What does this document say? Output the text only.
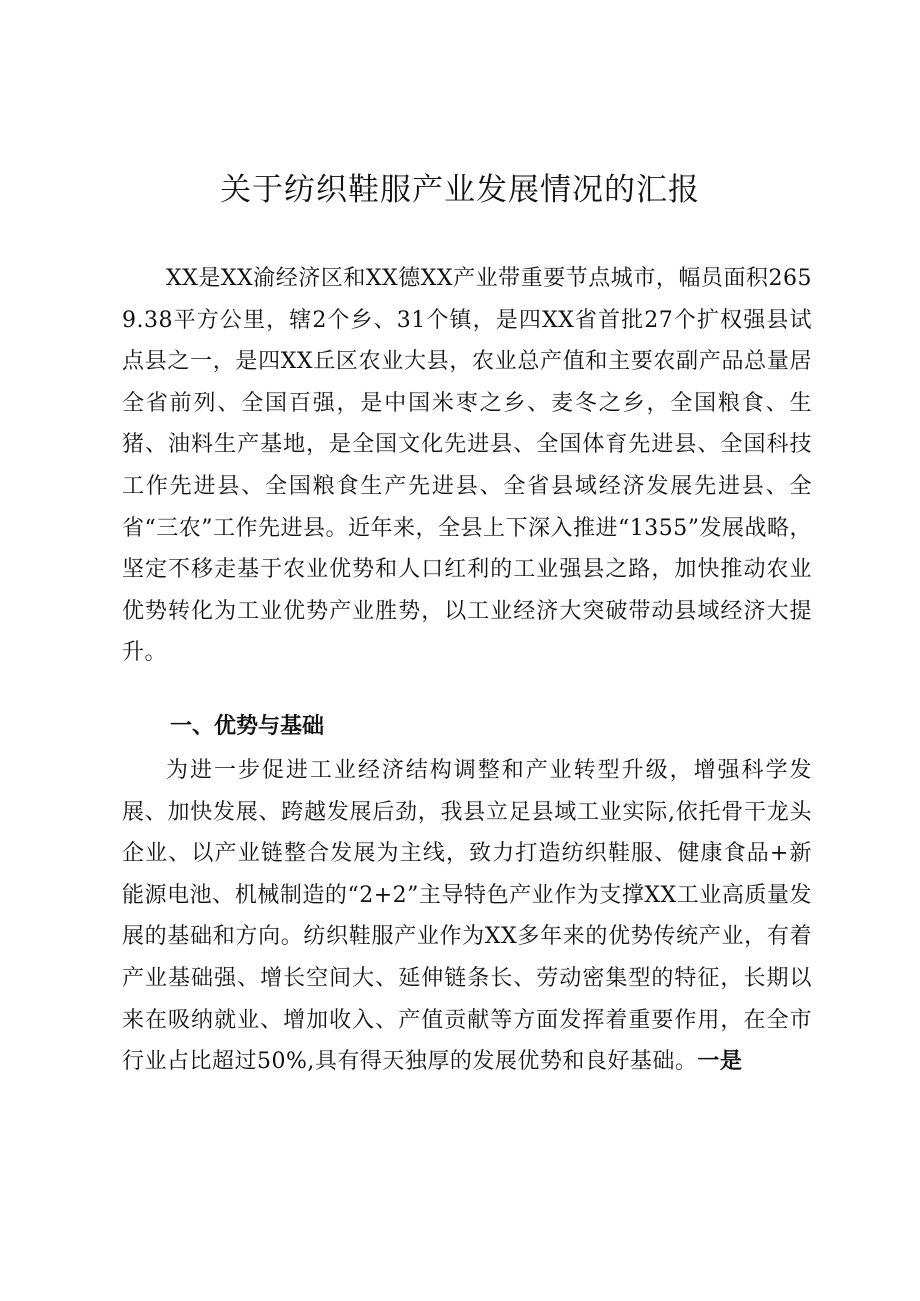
关于纺织鞋服产业发展情况的汇报
XX是XX渝经济区和XX德XX产业带重要节点城市，幅员面积2659.38平方公里，辖2个乡、31个镇，是四XX省首批27个扩权强县试点县之一，是四XX丘区农业大县，农业总产值和主要农副产品总量居全省前列、全国百强，是中国米枣之乡、麦冬之乡，全国粮食、生猪、油料生产基地，是全国文化先进县、全国体育先进县、全国科技工作先进县、全国粮食生产先进县、全省县域经济发展先进县、全省“三农”工作先进县。近年来，全县上下深入推进“1355”发展战略，坚定不移走基于农业优势和人口红利的工业强县之路，加快推动农业优势转化为工业优势产业胜势，以工业经济大突破带动县域经济大提升。
一、优势与基础
为进一步促进工业经济结构调整和产业转型升级，增强科学发展、加快发展、跨越发展后劲，我县立足县域工业实际,依托骨干龙头企业、以产业链整合发展为主线，致力打造纺织鞋服、健康食品+新能源电池、机械制造的“2+2”主导特色产业作为支撑XX工业高质量发展的基础和方向。纺织鞋服产业作为XX多年来的优势传统产业，有着产业基础强、增长空间大、延伸链条长、劳动密集型的特征，长期以来在吸纳就业、增加收入、产值贡献等方面发挥着重要作用，在全市行业占比超过50%,具有得天独厚的发展优势和良好基础。一是
